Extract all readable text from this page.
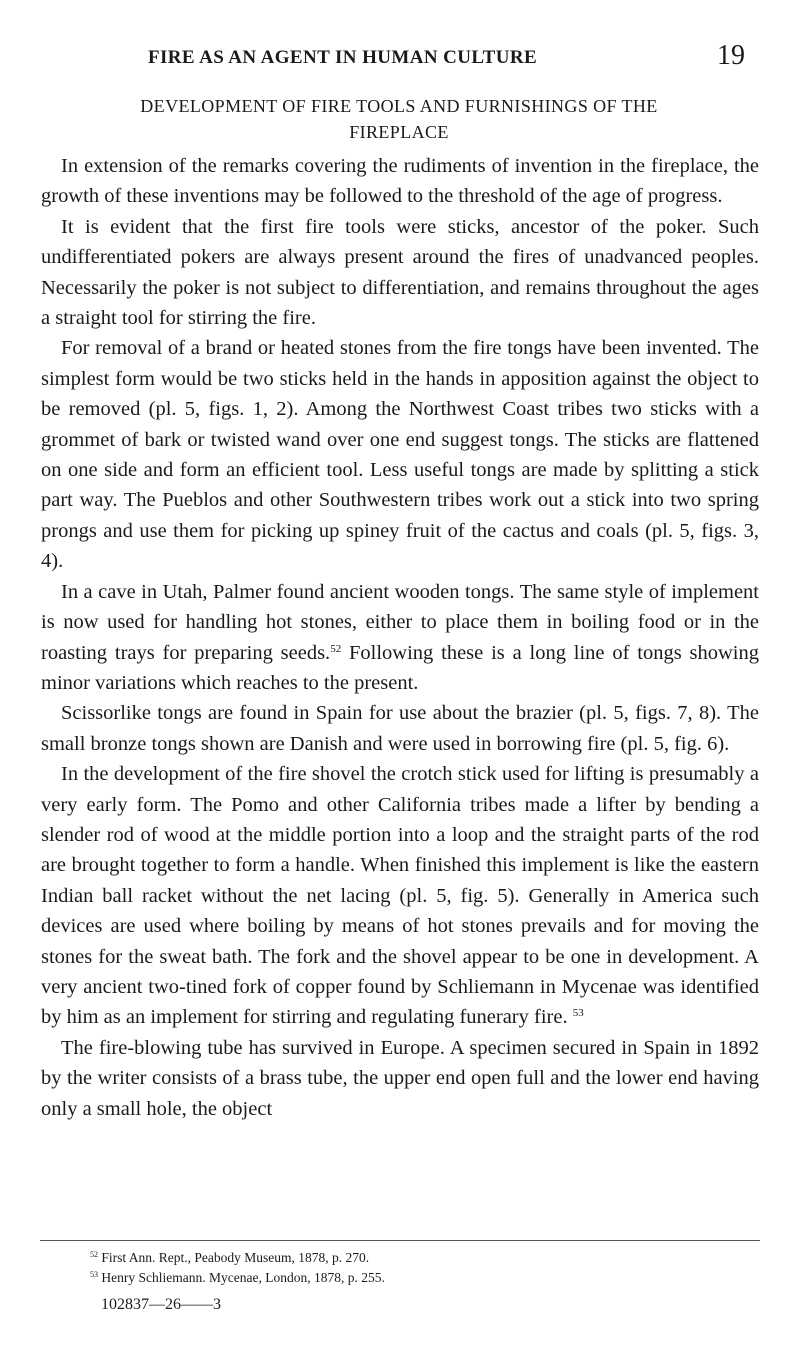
FIRE AS AN AGENT IN HUMAN CULTURE	19
DEVELOPMENT OF FIRE TOOLS AND FURNISHINGS OF THE
FIREPLACE

In extension of the remarks covering the rudiments of invention in the fireplace, the growth of these inventions may be followed to the threshold of the age of progress.

It is evident that the first fire tools were sticks, ancestor of the poker. Such undifferentiated pokers are always present around the fires of unadvanced peoples. Necessarily the poker is not subject to differentiation, and remains throughout the ages a straight tool for stirring the fire.

For removal of a brand or heated stones from the fire tongs have been invented. The simplest form would be two sticks held in the hands in apposition against the object to be removed (pl. 5, figs. 1, 2). Among the Northwest Coast tribes two sticks with a grommet of bark or twisted wand over one end suggest tongs. The sticks are flattened on one side and form an efficient tool. Less useful tongs are made by splitting a stick part way. The Pueblos and other Southwestern tribes work out a stick into two spring prongs and use them for picking up spiney fruit of the cactus and coals (pl. 5, figs. 3, 4).

In a cave in Utah, Palmer found ancient wooden tongs. The same style of implement is now used for handling hot stones, either to place them in boiling food or in the roasting trays for preparing seeds.$^{52}$ Following these is a long line of tongs showing minor variations which reaches to the present.

Scissorlike tongs are found in Spain for use about the brazier (pl. 5, figs. 7, 8). The small bronze tongs shown are Danish and were used in borrowing fire (pl. 5, fig. 6).

In the development of the fire shovel the crotch stick used for lifting is presumably a very early form. The Pomo and other California tribes made a lifter by bending a slender rod of wood at the middle portion into a loop and the straight parts of the rod are brought together to form a handle. When finished this implement is like the eastern Indian ball racket without the net lacing (pl. 5, fig. 5). Generally in America such devices are used where boiling by means of hot stones prevails and for moving the stones for the sweat bath. The fork and the shovel appear to be one in development. A very ancient two-tined fork of copper found by Schliemann in Mycenae was identified by him as an implement for stirring and regulating funerary fire. $^{53}$

The fire-blowing tube has survived in Europe. A specimen secured in Spain in 1892 by the writer consists of a brass tube, the upper end open full and the lower end having only a small hole, the object

$^{52}$ First Ann. Rept., Peabody Museum, 1878, p. 270.
$^{53}$ Henry Schliemann. Mycenae, London, 1878, p. 255.
102837—26——3
